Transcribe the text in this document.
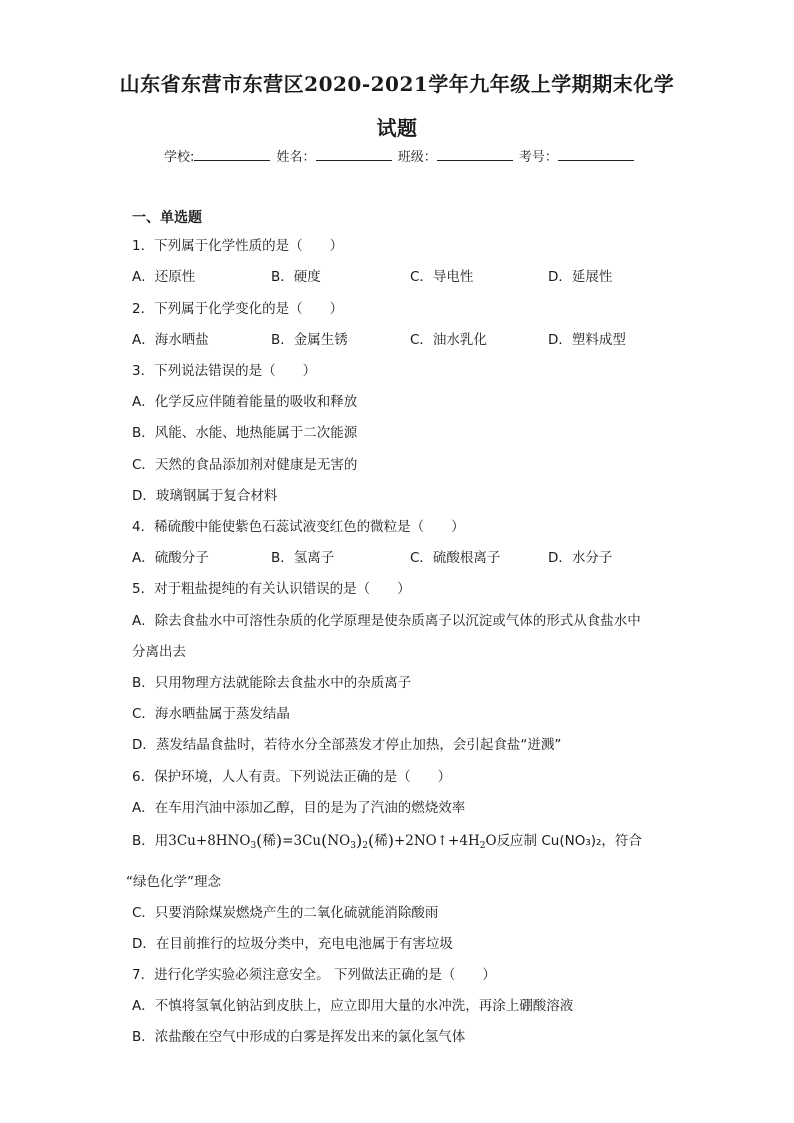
山东省东营市东营区2020-2021学年九年级上学期期末化学
试题
学校:	姓名：	班级：	考号：
一、单选题
1．下列属于化学性质的是（　　）
A．还原性	B．硬度	C．导电性	D．延展性
2．下列属于化学变化的是（　　）
A．海水晒盐	B．金属生锈	C．油水乳化	D．塑料成型
3．下列说法错误的是（　　）
A．化学反应伴随着能量的吸收和释放
B．风能、水能、地热能属于二次能源
C．天然的食品添加剂对健康是无害的
D．玻璃钢属于复合材料
4．稀硫酸中能使紫色石蕊试液变红色的微粒是（　　）
A．硫酸分子	B．氢离子	C．硫酸根离子	D．水分子
5．对于粗盐提纯的有关认识错误的是（　　）
A．除去食盐水中可溶性杂质的化学原理是使杂质离子以沉淀或气体的形式从食盐水中
分离出去
B．只用物理方法就能除去食盐水中的杂质离子
C．海水晒盐属于蒸发结晶
D．蒸发结晶食盐时，若待水分全部蒸发才停止加热，会引起食盐“迸溅”
6．保护环境，人人有责。下列说法正确的是（　　）
A．在车用汽油中添加乙醇，目的是为了汽油的燃烧效率
B．用$3Cu+8HNO_3$(稀)$=3Cu(NO_3)_2$(稀)$+2NO↑+4H_2O$反应制 Cu(NO₃)₂，符合
“绿色化学”理念
C．只要消除煤炭燃烧产生的二氧化硫就能消除酸雨
D．在目前推行的垃圾分类中，充电电池属于有害垃圾
7．进行化学实验必须注意安全。 下列做法正确的是（　　）
A．不慎将氢氧化钠沾到皮肤上，应立即用大量的水冲洗，再涂上硼酸溶液
B．浓盐酸在空气中形成的白雾是挥发出来的氯化氢气体
